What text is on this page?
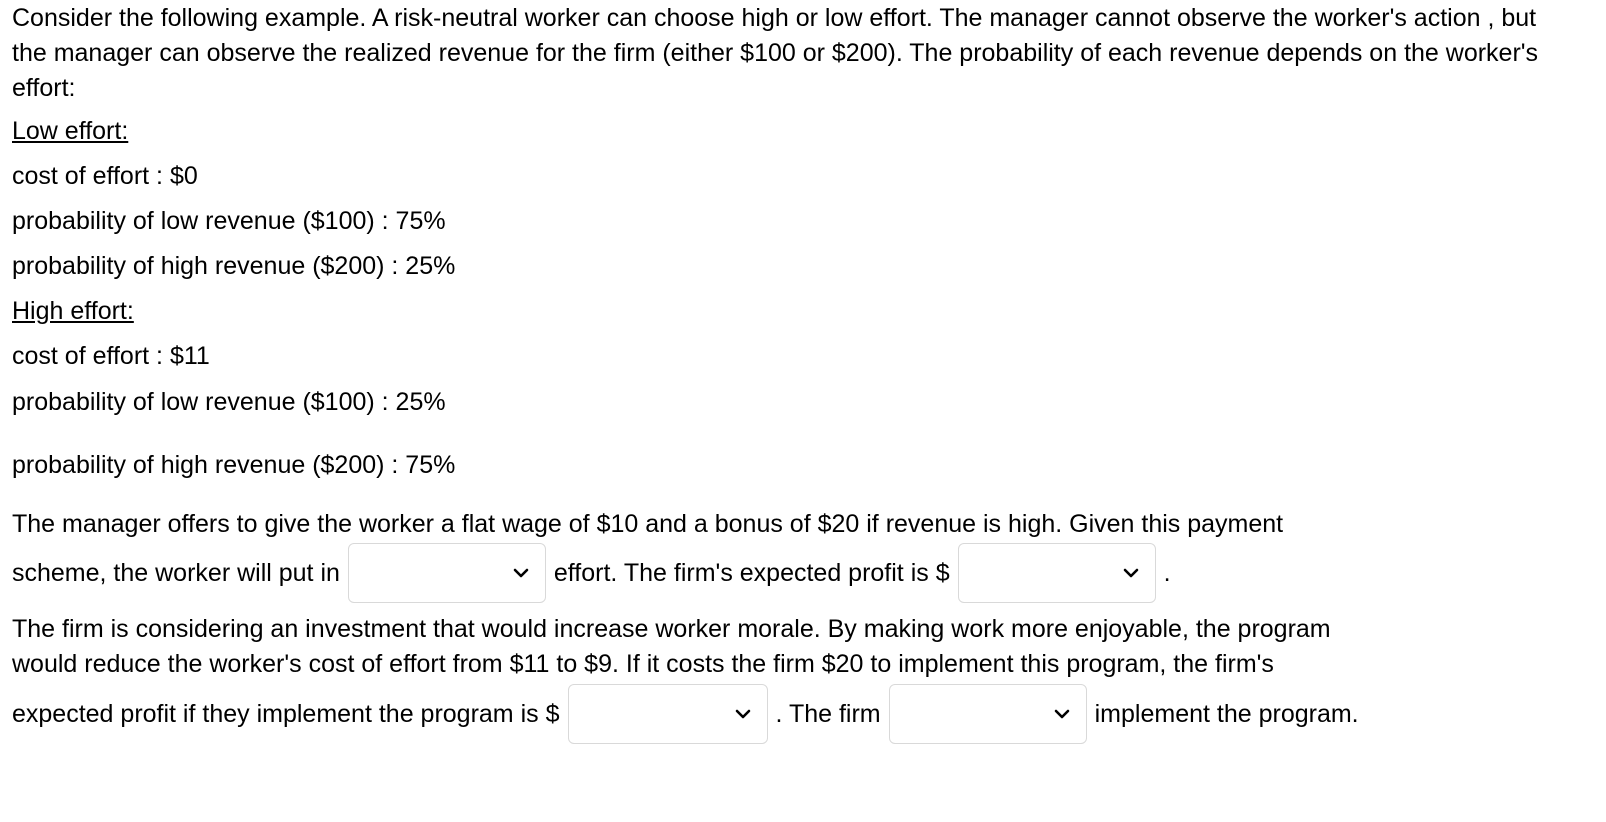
Consider the following example. A risk-neutral worker can choose high or low effort. The manager cannot observe the worker's action , but the manager can observe the realized revenue for the firm (either $100 or $200). The probability of each revenue depends on the worker's effort:

Low effort:
cost of effort : $0
probability of low revenue ($100) : 75%
probability of high revenue ($200) : 25%
High effort:
cost of effort : $11
probability of low revenue ($100) : 25%
probability of high revenue ($200) : 75%
The manager offers to give the worker a flat wage of $10 and a bonus of $20 if revenue is high. Given this payment
scheme, the worker will put in	effort. The firm's expected profit is $	.
The firm is considering an investment that would increase worker morale. By making work more enjoyable, the program
would reduce the worker's cost of effort from $11 to $9. If it costs the firm $20 to implement this program, the firm's
expected profit if they implement the program is $	. The firm	implement the program.
